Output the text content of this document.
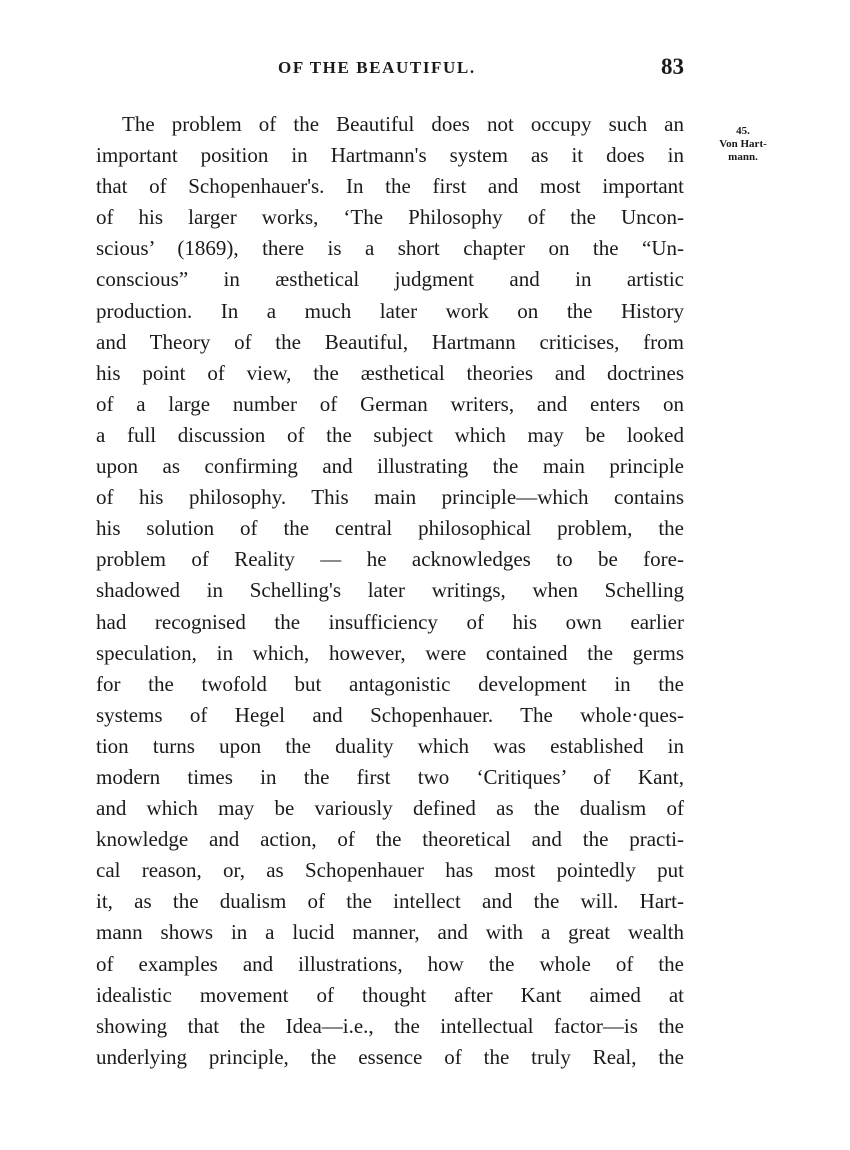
OF THE BEAUTIFUL.	83
45.
Von Hart-
mann.
The problem of the Beautiful does not occupy such an
important position in Hartmann's system as it does in
that of Schopenhauer's. In the first and most important
of his larger works, ‘The Philosophy of the Uncon-
scious’ (1869), there is a short chapter on the “Un-
conscious” in æsthetical judgment and in artistic
production. In a much later work on the History
and Theory of the Beautiful, Hartmann criticises, from
his point of view, the æsthetical theories and doctrines
of a large number of German writers, and enters on
a full discussion of the subject which may be looked
upon as confirming and illustrating the main principle
of his philosophy. This main principle—which contains
his solution of the central philosophical problem, the
problem of Reality — he acknowledges to be fore-
shadowed in Schelling's later writings, when Schelling
had recognised the insufficiency of his own earlier
speculation, in which, however, were contained the germs
for the twofold but antagonistic development in the
systems of Hegel and Schopenhauer. The whole·ques-
tion turns upon the duality which was established in
modern times in the first two ‘Critiques’ of Kant,
and which may be variously defined as the dualism of
knowledge and action, of the theoretical and the practi-
cal reason, or, as Schopenhauer has most pointedly put
it, as the dualism of the intellect and the will. Hart-
mann shows in a lucid manner, and with a great wealth
of examples and illustrations, how the whole of the
idealistic movement of thought after Kant aimed at
showing that the Idea—i.e., the intellectual factor—is the
underlying principle, the essence of the truly Real, the
